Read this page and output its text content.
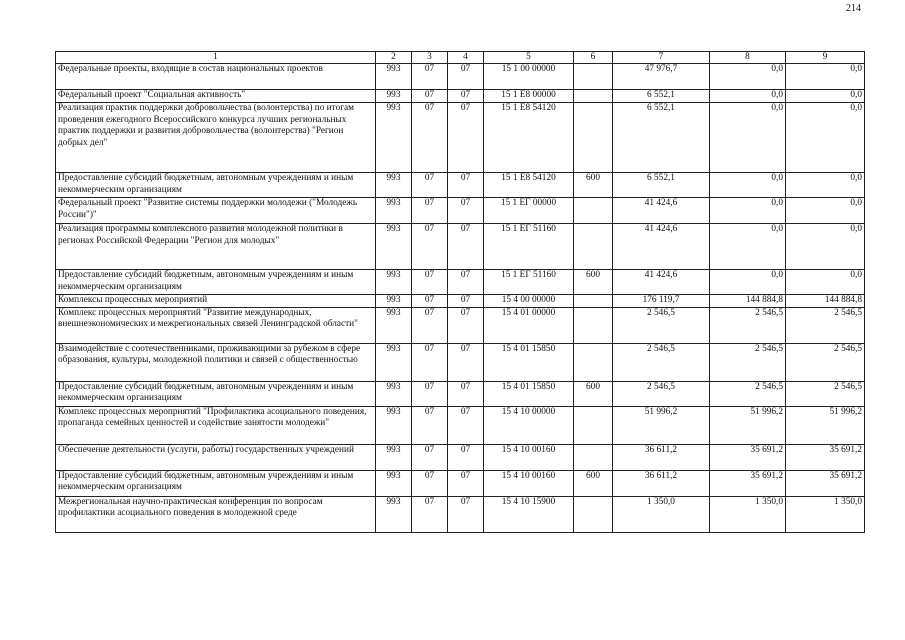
214
1	2	3	4	5	6	7	8	9
Федеральные проекты, входящие в состав национальных проектов	993	07	07	15 1 00 00000		47 976,7	0,0	0,0
Федеральный проект "Социальная активность"	993	07	07	15 1 E8 00000		6 552,1	0,0	0,0
Реализация практик поддержки добровольчества (волонтерства) по итогам проведения ежегодного Всероссийского конкурса лучших региональных практик поддержки и развития добровольчества (волонтерства) "Регион добрых дел"	993	07	07	15 1 E8 54120		6 552,1	0,0	0,0
Предоставление субсидий бюджетным, автономным учреждениям и иным некоммерческим организациям	993	07	07	15 1 E8 54120	600	6 552,1	0,0	0,0
Федеральный проект "Развитие системы поддержки молодежи ("Молодежь России")"	993	07	07	15 1 EГ 00000		41 424,6	0,0	0,0
Реализация программы комплексного развития молодежной политики в регионах Российской Федерации "Регион для молодых"	993	07	07	15 1 EГ 51160		41 424,6	0,0	0,0
Предоставление субсидий бюджетным, автономным учреждениям и иным некоммерческим организациям	993	07	07	15 1 EГ 51160	600	41 424,6	0,0	0,0
Комплексы процессных мероприятий	993	07	07	15 4 00 00000		176 119,7	144 884,8	144 884,8
Комплекс процессных мероприятий "Развитие международных, внешнеэкономических и межрегиональных связей Ленинградской области"	993	07	07	15 4 01 00000		2 546,5	2 546,5	2 546,5
Взаимодействие с соотечественниками, проживающими за рубежом в сфере образования, культуры, молодежной политики и связей с общественностью	993	07	07	15 4 01 15850		2 546,5	2 546,5	2 546,5
Предоставление субсидий бюджетным, автономным учреждениям и иным некоммерческим организациям	993	07	07	15 4 01 15850	600	2 546,5	2 546,5	2 546,5
Комплекс процессных мероприятий "Профилактика асоциального поведения, пропаганда семейных ценностей и содействие занятости молодежи"	993	07	07	15 4 10 00000		51 996,2	51 996,2	51 996,2
Обеспечение деятельности (услуги, работы) государственных учреждений	993	07	07	15 4 10 00160		36 611,2	35 691,2	35 691,2
Предоставление субсидий бюджетным, автономным учреждениям и иным некоммерческим организациям	993	07	07	15 4 10 00160	600	36 611,2	35 691,2	35 691,2
Межрегиональная научно-практическая конференция по вопросам профилактики асоциального поведения в молодежной среде	993	07	07	15 4 10 15900		1 350,0	1 350,0	1 350,0
